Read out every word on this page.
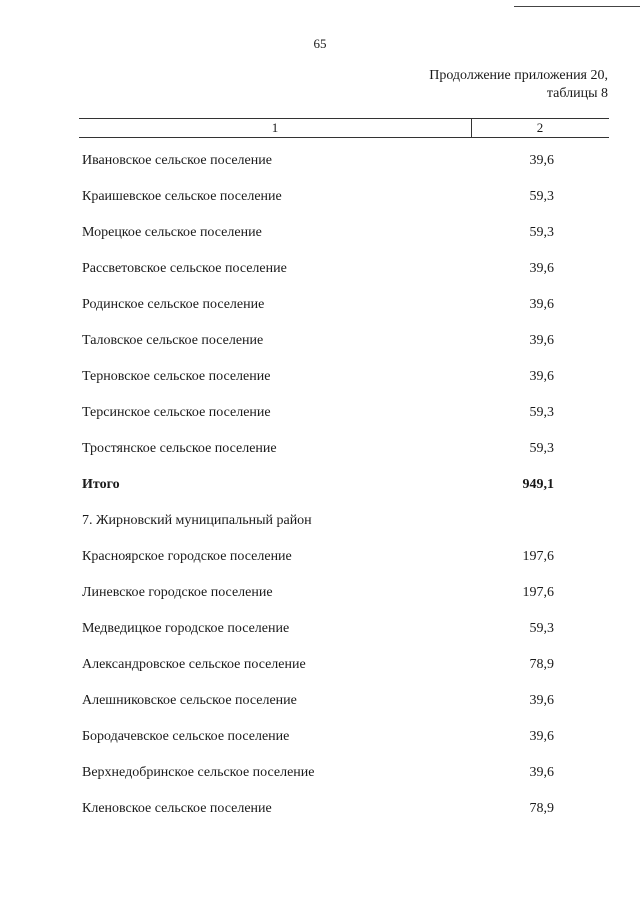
65
Продолжение приложения 20,
таблицы 8
1	2
Ивановское сельское поселение	39,6
Краишевское сельское поселение	59,3
Морецкое сельское поселение	59,3
Рассветовское сельское поселение	39,6
Родинское сельское поселение	39,6
Таловское сельское поселение	39,6
Терновское сельское поселение	39,6
Терсинское сельское поселение	59,3
Тростянское сельское поселение	59,3
Итого	949,1
7. Жирновский муниципальный район
Красноярское городское поселение	197,6
Линевское городское поселение	197,6
Медведицкое городское поселение	59,3
Александровское сельское поселение	78,9
Алешниковское сельское поселение	39,6
Бородачевское сельское поселение	39,6
Верхнедобринское сельское поселение	39,6
Кленовское сельское поселение	78,9
